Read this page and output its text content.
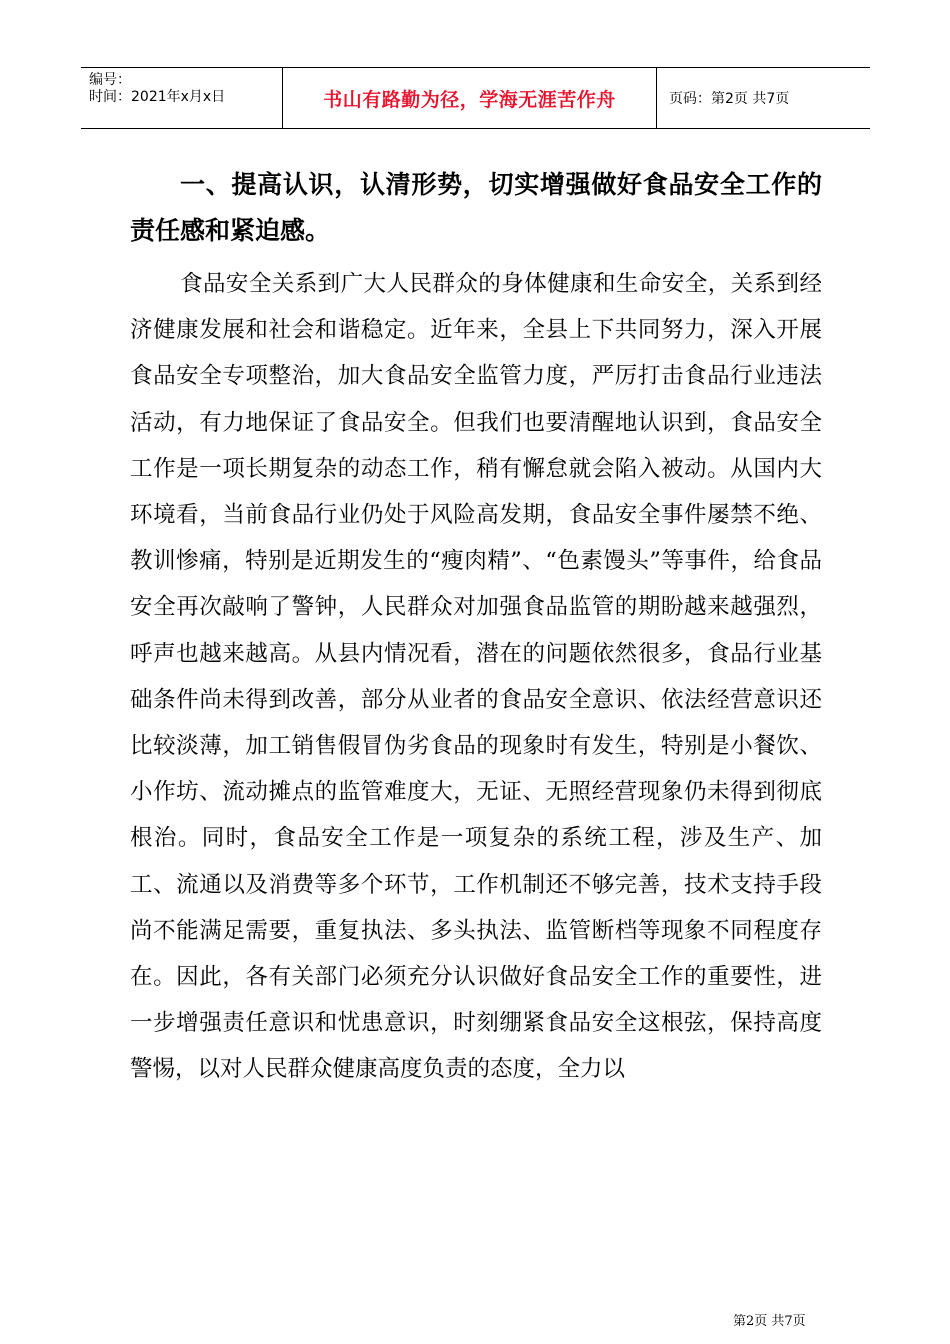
编号：
时间：2021年x月x日	书山有路勤为径，学海无涯苦作舟	页码：第2页 共7页
一、提高认识，认清形势，切实增强做好食品安全工作的责任感和紧迫感。

食品安全关系到广大人民群众的身体健康和生命安全，关系到经济健康发展和社会和谐稳定。近年来，全县上下共同努力，深入开展食品安全专项整治，加大食品安全监管力度，严厉打击食品行业违法活动，有力地保证了食品安全。但我们也要清醒地认识到，食品安全工作是一项长期复杂的动态工作，稍有懈怠就会陷入被动。从国内大环境看，当前食品行业仍处于风险高发期，食品安全事件屡禁不绝、教训惨痛，特别是近期发生的“瘦肉精”、“色素馒头”等事件，给食品安全再次敲响了警钟，人民群众对加强食品监管的期盼越来越强烈，呼声也越来越高。从县内情况看，潜在的问题依然很多，食品行业基础条件尚未得到改善，部分从业者的食品安全意识、依法经营意识还比较淡薄，加工销售假冒伪劣食品的现象时有发生，特别是小餐饮、小作坊、流动摊点的监管难度大，无证、无照经营现象仍未得到彻底根治。同时，食品安全工作是一项复杂的系统工程，涉及生产、加工、流通以及消费等多个环节，工作机制还不够完善，技术支持手段尚不能满足需要，重复执法、多头执法、监管断档等现象不同程度存在。因此，各有关部门必须充分认识做好食品安全工作的重要性，进一步增强责任意识和忧患意识，时刻绷紧食品安全这根弦，保持高度警惕，以对人民群众健康高度负责的态度，全力以

第2页 共7页
